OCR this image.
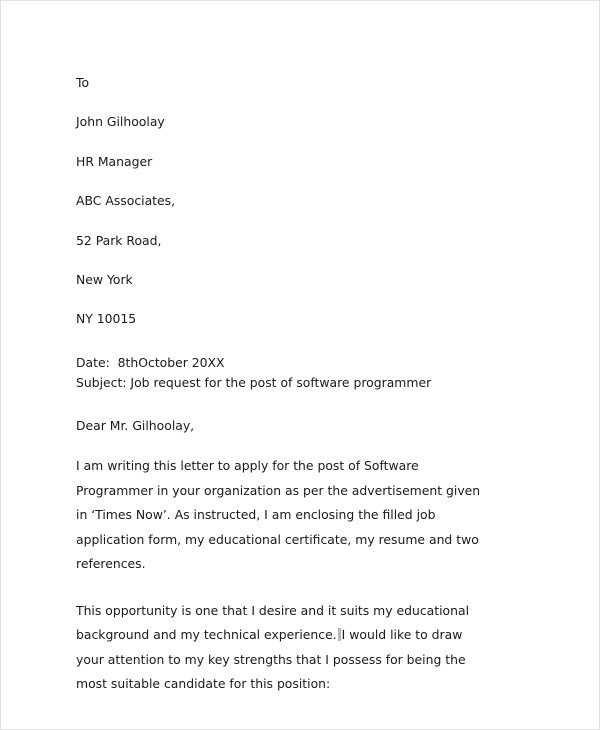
To

John Gilhoolay

HR Manager

ABC Associates,

52 Park Road,

New York

NY 10015

Date:  8thOctober 20XX

Subject: Job request for the post of software programmer

Dear Mr. Gilhoolay,

I am writing this letter to apply for the post of Software Programmer in your organization as per the advertisement given in ‘Times Now’. As instructed, I am enclosing the filled job application form, my educational certificate, my resume and two references.

This opportunity is one that I desire and it suits my educational background and my technical experience. I would like to draw your attention to my key strengths that I possess for being the most suitable candidate for this position:
